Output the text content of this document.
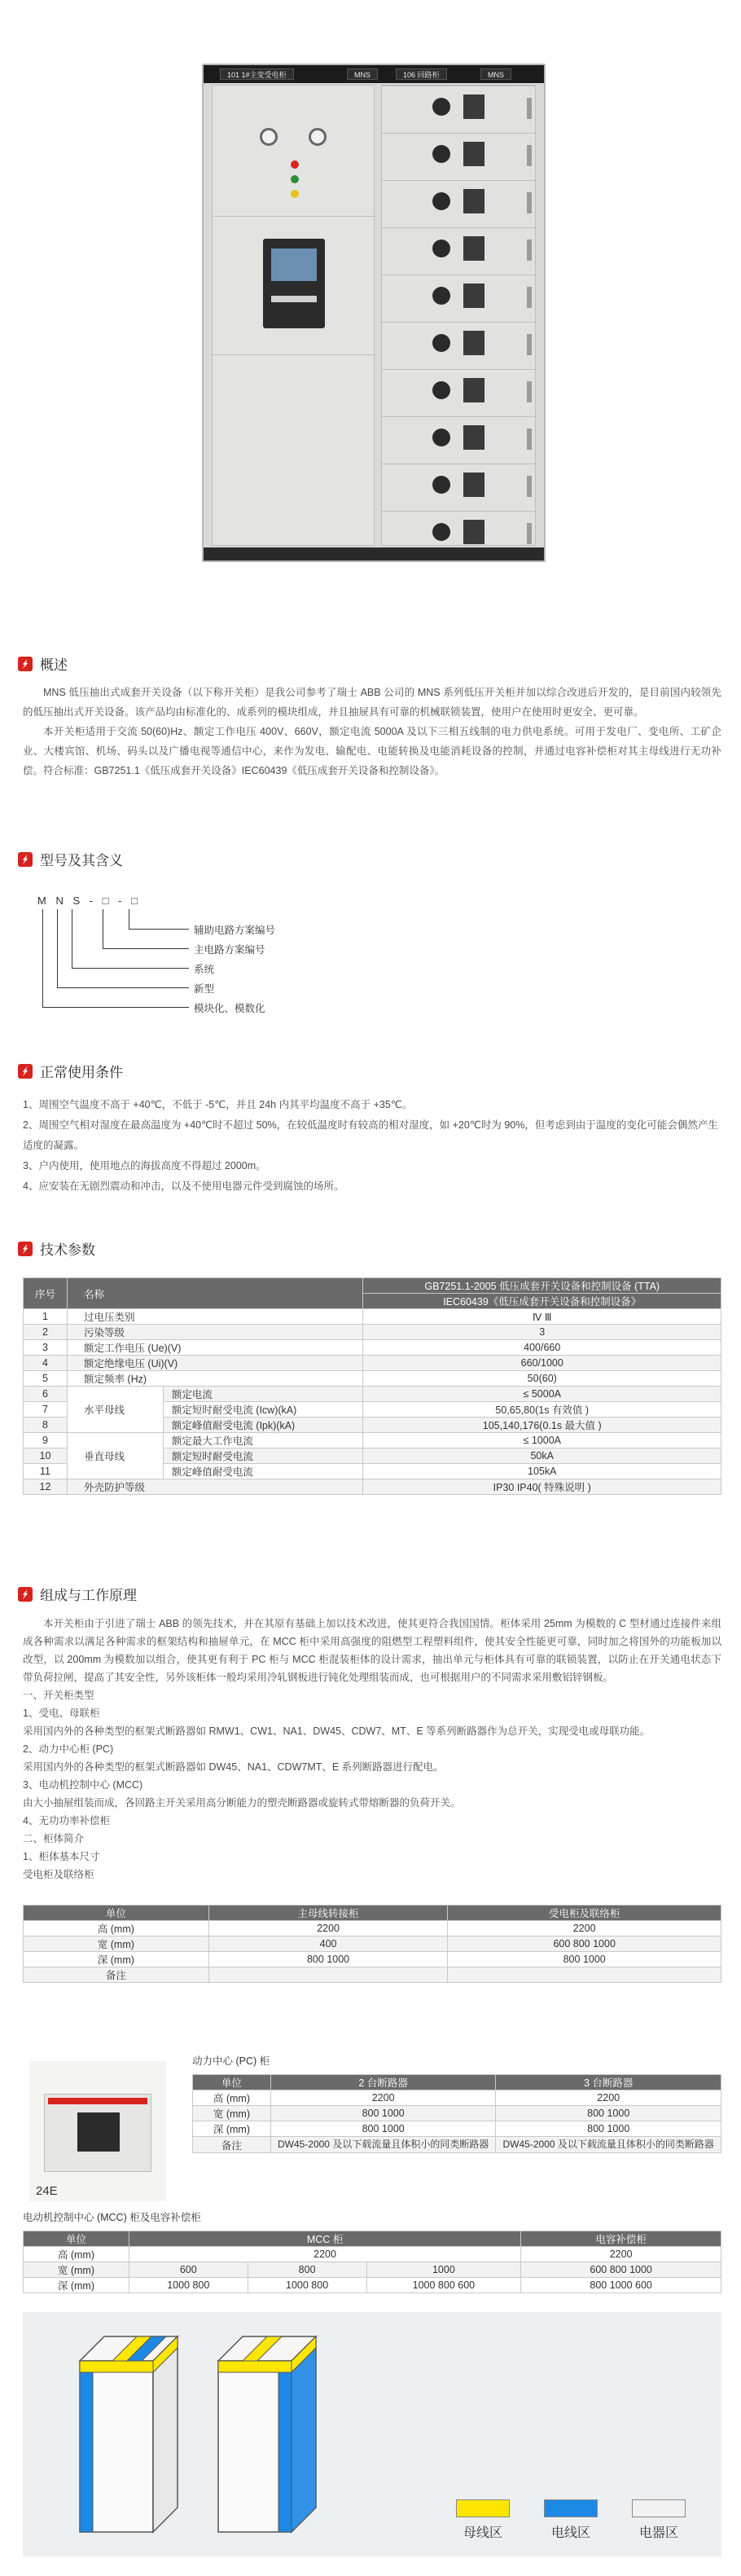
101 1#主变受电柜	MNS	106 回路柜	MNS
概述

MNS 低压抽出式成套开关设备（以下称开关柜）是我公司参考了瑞士 ABB 公司的 MNS 系列低压开关柜并加以综合改进后开发的，是目前国内较领先的低压抽出式开关设备。该产品均由标准化的、成系列的模块组成，并且抽屉具有可靠的机械联锁装置，使用户在使用时更安全、更可靠。

本开关柜适用于交流 50(60)Hz、额定工作电压 400V、660V，额定电流 5000A 及以下三相五线制的电力供电系统。可用于发电厂、变电所、工矿企业、大楼宾馆、机场、码头以及广播电视等通信中心，来作为发电、输配电、电能转换及电能消耗设备的控制，并通过电容补偿柜对其主母线进行无功补偿。符合标准：GB7251.1《低压成套开关设备》IEC60439《低压成套开关设备和控制设备》。

型号及其含义
M N S - □ - □
辅助电路方案编号
主电路方案编号
系统
新型
模块化、模数化
正常使用条件
1、周围空气温度不高于 +40℃，不低于 -5℃，并且 24h 内其平均温度不高于 +35℃。
2、周围空气相对湿度在最高温度为 +40℃时不超过 50%，在较低温度时有较高的相对湿度，如 +20℃时为 90%，但考虑到由于温度的变化可能会偶然产生适度的凝露。
3、户内使用，使用地点的海拔高度不得超过 2000m。
4、应安装在无剧烈震动和冲击，以及不使用电器元件受到腐蚀的场所。
技术参数
序号	名称		GB7251.1-2005 低压成套开关设备和控制设备 (TTA)
			IEC60439《低压成套开关设备和控制设备》
1	过电压类别		Ⅳ Ⅲ
2	污染等级		3
3	额定工作电压 (Ue)(V)		400/660
4	额定绝缘电压 (Ui)(V)		660/1000
5	额定频率 (Hz)		50(60)
6	水平母线	额定电流	≤ 5000A
7		额定短时耐受电流 (Icw)(kA)	50,65,80(1s 有效值 )
8		额定峰值耐受电流 (Ipk)(kA)	105,140,176(0.1s 最大值 )
9	垂直母线	额定最大工作电流	≤ 1000A
10		额定短时耐受电流	50kA
11		额定峰值耐受电流	105kA
12	外壳防护等级		IP30 IP40( 特殊说明 )
组成与工作原理

本开关柜由于引进了瑞士 ABB 的领先技术，并在其原有基础上加以技术改进，使其更符合我国国情。柜体采用 25mm 为模数的 C 型材通过连接件来组成各种需求以满足各种需求的框架结构和抽屉单元，在 MCC 柜中采用高强度的阻燃型工程塑料组件，使其安全性能更可靠，同时加之将国外的功能板加以改型，以 200mm 为模数加以组合，使其更有利于 PC 柜与 MCC 柜混装柜体的设计需求，抽出单元与柜体具有可靠的联锁装置，以防止在开关通电状态下带负荷拉闸，提高了其安全性，另外该柜体一般均采用冷轧钢板进行钝化处理组装而成，也可根据用户的不同需求采用敷铝锌钢板。

一、开关柜类型
1、受电、母联柜
采用国内外的各种类型的框架式断路器如 RMW1、CW1、NA1、DW45、CDW7、MT、E 等系列断路器作为总开关，实现受电或母联功能。
2、动力中心柜 (PC)
采用国内外的各种类型的框架式断路器如 DW45、NA1、CDW7MT、E 系列断路器进行配电。
3、电动机控制中心 (MCC)
由大小抽屉组装而成，各回路主开关采用高分断能力的塑壳断路器或旋转式带熔断器的负荷开关。
4、无功功率补偿柜
二、柜体简介
1、柜体基本尺寸
受电柜及联络柜
单位	主母线转接柜	受电柜及联络柜
高 (mm)	2200	2200
宽 (mm)	400	600 800 1000
深 (mm)	800 1000	800 1000
备注		
24E
动力中心 (PC) 柜
单位	2 台断路器	3 台断路器
高 (mm)	2200	2200
宽 (mm)	800 1000	800 1000
深 (mm)	800 1000	800 1000
备注	DW45-2000 及以下载流量且体积小的同类断路器	DW45-2000 及以下载流量且体积小的同类断路器
电动机控制中心 (MCC) 柜及电容补偿柜
单位	MCC 柜			电容补偿柜
高 (mm)	2200			2200
宽 (mm)	600	800	1000	600 800 1000
深 (mm)	1000 800	1000 800	1000 800 600	800 1000 600
母线区	电线区	电器区
